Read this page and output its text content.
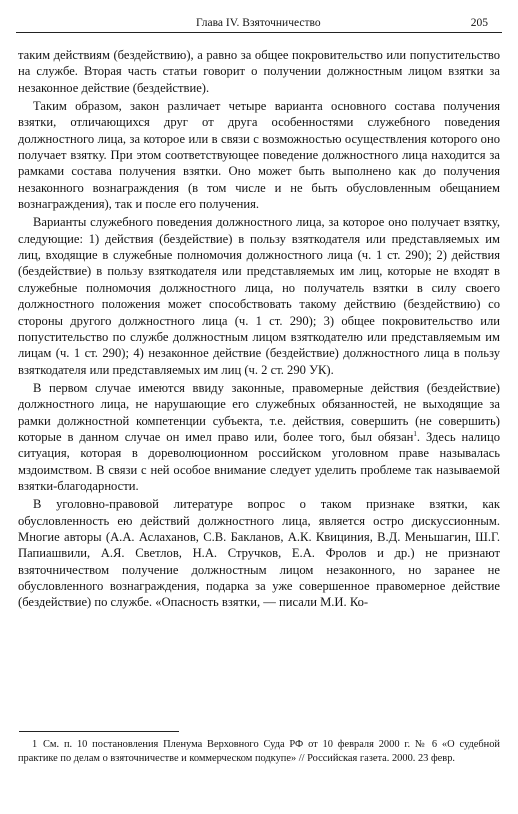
Глава IV. Взяточничество	205

таким действиям (бездействию), а равно за общее покровительство или попустительство на службе. Вторая часть статьи говорит о получении должностным лицом взятки за незаконное действие (бездействие).

Таким образом, закон различает четыре варианта основного состава получения взятки, отличающихся друг от друга особенностями служебного поведения должностного лица, за которое или в связи с возможностью осуществления которого оно получает взятку. При этом соответствующее поведение должностного лица находится за рамками состава получения взятки. Оно может быть выполнено как до получения незаконного вознаграждения (в том числе и не быть обусловленным обещанием вознаграждения), так и после его получения.

Варианты служебного поведения должностного лица, за которое оно получает взятку, следующие: 1) действия (бездействие) в пользу взяткодателя или представляемых им лиц, входящие в служебные полномочия должностного лица (ч. 1 ст. 290); 2) действия (бездействие) в пользу взяткодателя или представляемых им лиц, которые не входят в служебные полномочия должностного лица, но получатель взятки в силу своего должностного положения может способствовать такому действию (бездействию) со стороны другого должностного лица (ч. 1 ст. 290); 3) общее покровительство или попустительство по службе должностным лицом взяткодателю или представляемым им лицам (ч. 1 ст. 290); 4) незаконное действие (бездействие) должностного лица в пользу взяткодателя или представляемых им лиц (ч. 2 ст. 290 УК).

В первом случае имеются ввиду законные, правомерные действия (бездействие) должностного лица, не нарушающие его служебных обязанностей, не выходящие за рамки должностной компетенции субъекта, т.е. действия, совершить (не совершить) которые в данном случае он имел право или, более того, был обязан$^1$. Здесь налицо ситуация, которая в дореволюционном российском уголовном праве называлась мздоимством. В связи с ней особое внимание следует уделить проблеме так называемой взятки-благодарности.

В уголовно-правовой литературе вопрос о таком признаке взятки, как обусловленность ею действий должностного лица, является остро дискуссионным. Многие авторы (А.А. Аслаханов, С.В. Бакланов, А.К. Квициния, В.Д. Меньшагин, Ш.Г. Папиашвили, А.Я. Светлов, Н.А. Стручков, Е.А. Фролов и др.) не признают взяточничеством получение должностным лицом незаконного, но заранее не обусловленного вознаграждения, подарка за уже совершенное правомерное действие (бездействие) по службе. «Опасность взятки, — писали М.И. Ко-

1 См. п. 10 постановления Пленума Верховного Суда РФ от 10 февраля 2000 г. № 6 «О судебной практике по делам о взяточничестве и коммерческом подкупе» // Российская газета. 2000. 23 февр.
